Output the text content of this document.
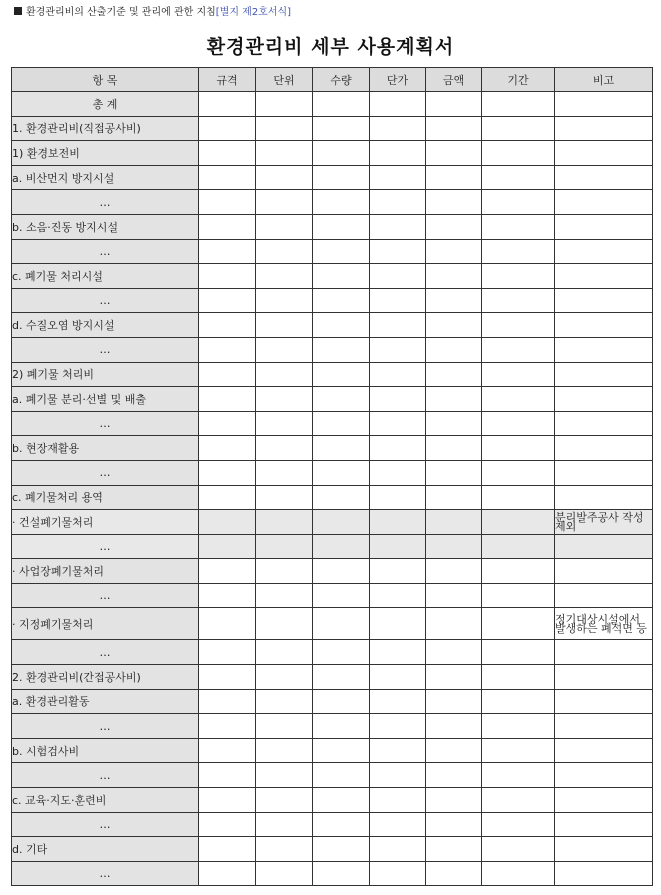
환경관리비의 산출기준 및 관리에 관한 지침[별지 제2호서식]
환경관리비 세부 사용계획서
항 목	규격	단위	수량	단가	금액	기간	비고
총 계							
1. 환경관리비(직접공사비)							
1) 환경보전비							
a. 비산먼지 방지시설							
…							
b. 소음·진동 방지시설							
…							
c. 폐기물 처리시설							
…							
d. 수질오염 방지시설							
…							
2) 폐기물 처리비							
a. 폐기물 분리·선별 및 배출							
…							
b. 현장재활용							
…							
c. 폐기물처리 용역							
· 건설폐기물처리							분리발주공사 작성 제외
…							
· 사업장폐기물처리							
…							
· 지정폐기물처리							정기대상시설에서 발생하는 폐석면 등
…							
2. 환경관리비(간접공사비)							
a. 환경관리활동							
…							
b. 시험검사비							
…							
c. 교육·지도·훈련비							
…							
d. 기타							
…							
